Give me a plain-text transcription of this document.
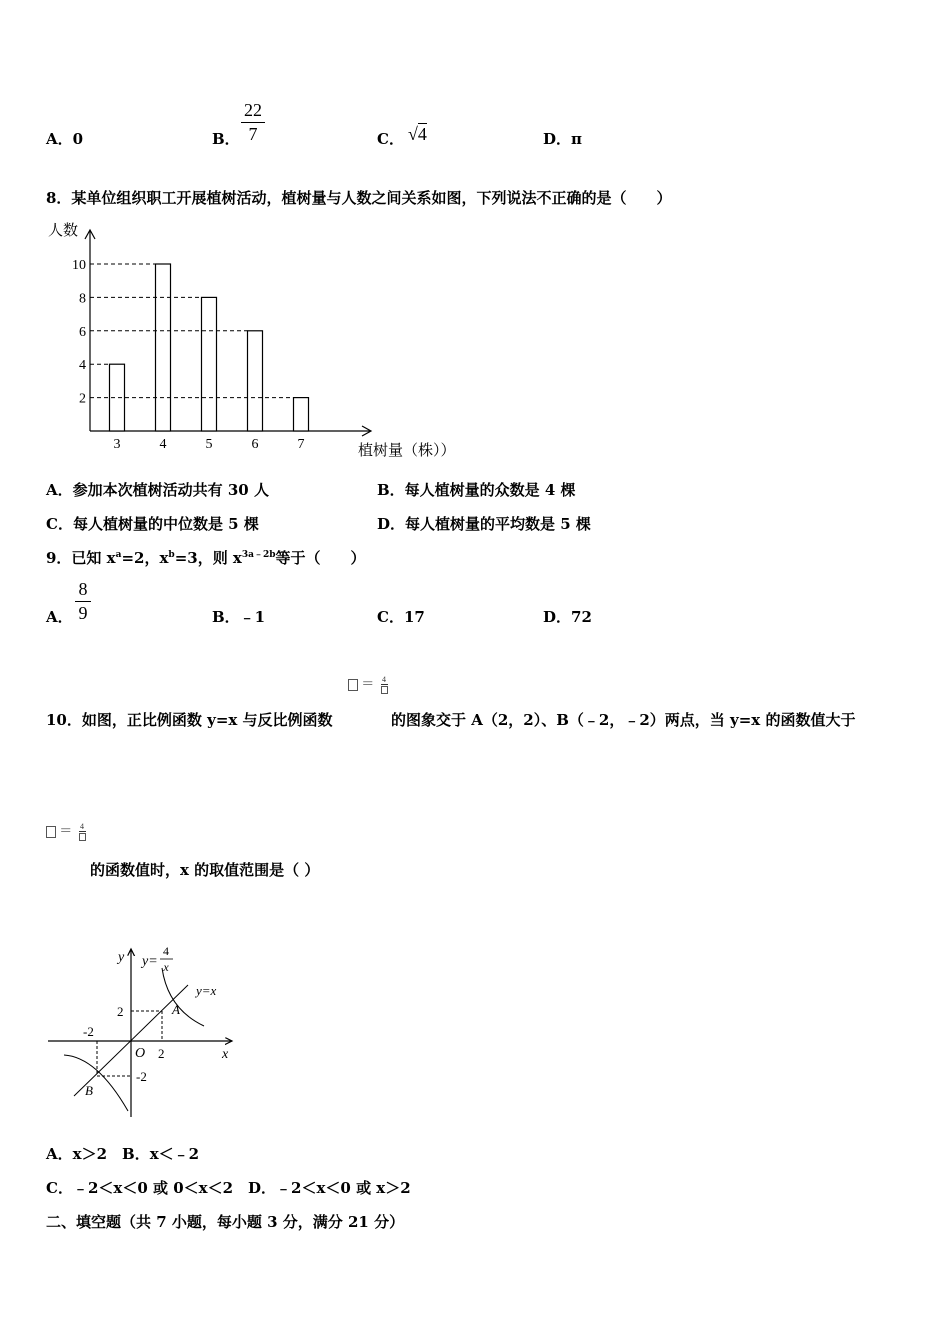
A．0	B．
22
7	C． √4	D．π
8．某单位组织职工开展植树活动，植树量与人数之间关系如图，下列说法不正确的是（　　）
人数
植树量（株））
10
8
6
4
2
3	4	5	6	7
A．参加本次植树活动共有 30 人	B．每人植树量的众数是 4 棵
C．每人植树量的中位数是 5 棵	D．每人植树量的平均数是 5 棵
9．已知 $x^a=2$，$x^b=3$，则 $x^{3a﹣2b}$等于（　　）
A．
8
9	B．﹣1	C．17	D．72
＝ 4
10．如图，正比例函数 y=x 与反比例函数	的图象交于 A（2，2）、B（﹣2，﹣2）两点，当 y=x 的函数值大于
＝ 4
的函数值时，x 的取值范围是（ ）
y y=
4
x
y=x
2
-2
2
-2
O
A
B
x
A．x＞2　B．x＜﹣2
C．﹣2＜x＜0 或 0＜x＜2　D．﹣2＜x＜0 或 x＞2
二、填空题（共 7 小题，每小题 3 分，满分 21 分）
